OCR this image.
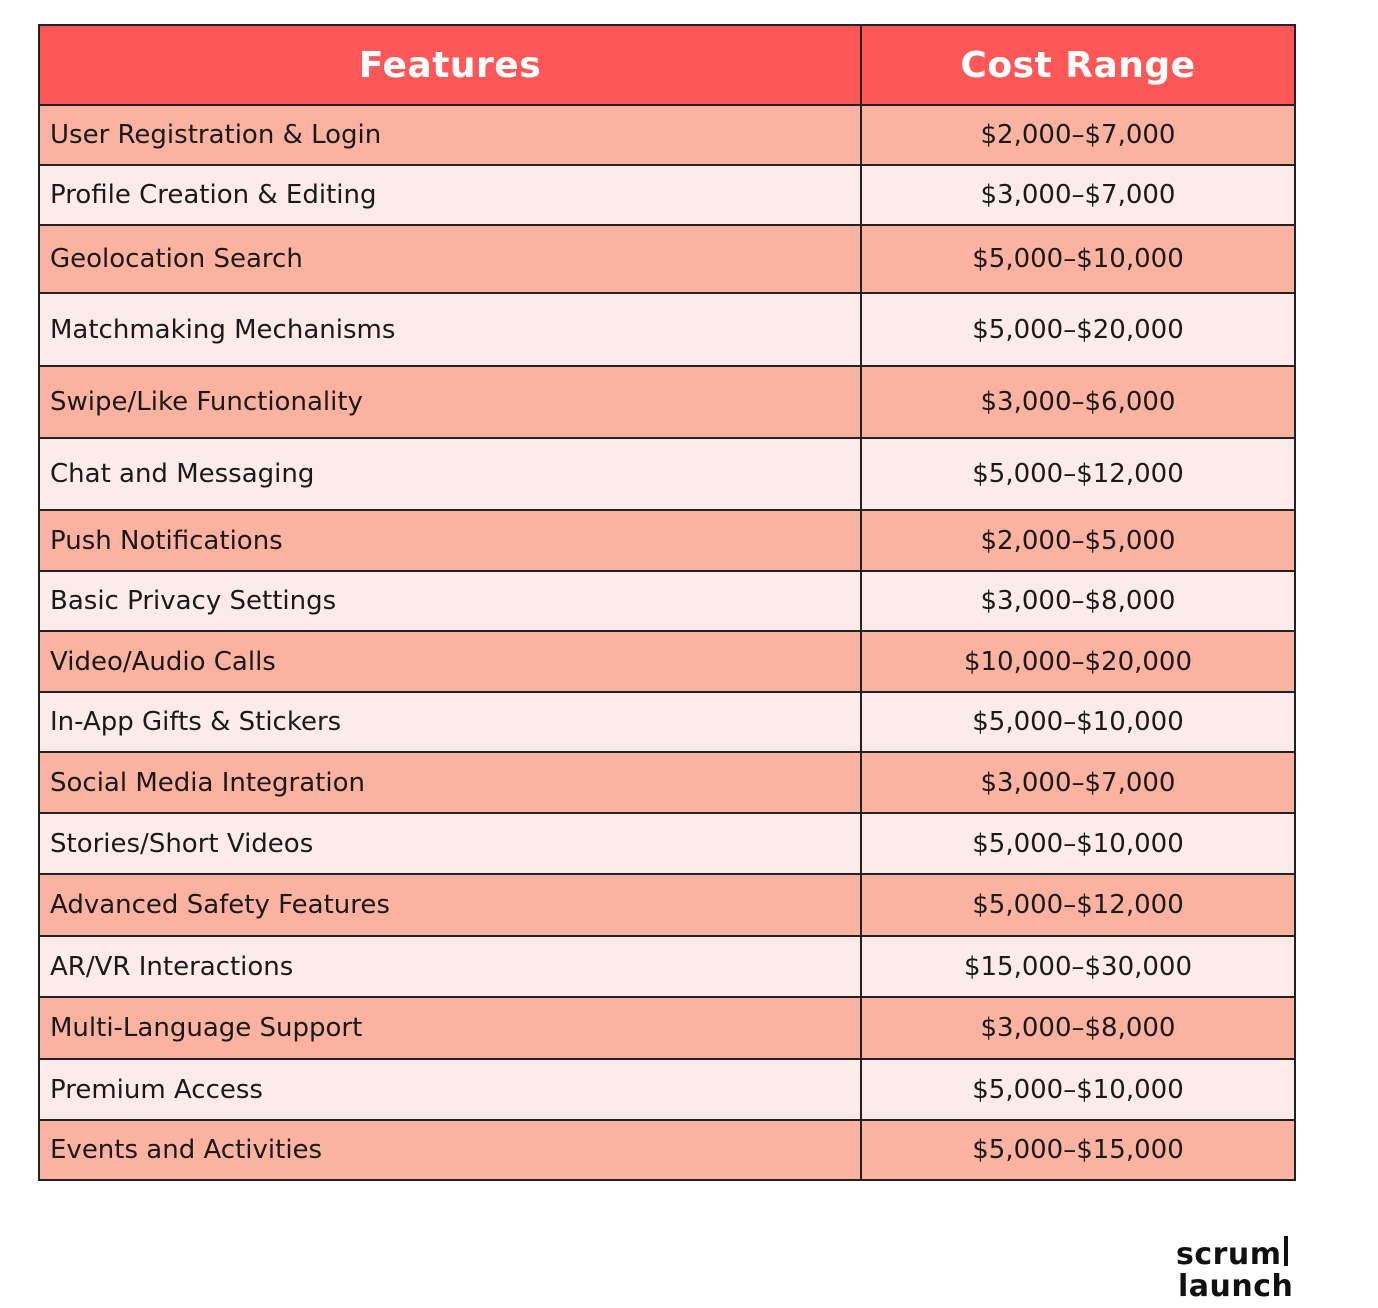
Features	Cost Range
User Registration & Login	$2,000–$7,000
Profile Creation & Editing	$3,000–$7,000
Geolocation Search	$5,000–$10,000
Matchmaking Mechanisms	$5,000–$20,000
Swipe/Like Functionality	$3,000–$6,000
Chat and Messaging	$5,000–$12,000
Push Notifications	$2,000–$5,000
Basic Privacy Settings	$3,000–$8,000
Video/Audio Calls	$10,000–$20,000
In-App Gifts & Stickers	$5,000–$10,000
Social Media Integration	$3,000–$7,000
Stories/Short Videos	$5,000–$10,000
Advanced Safety Features	$5,000–$12,000
AR/VR Interactions	$15,000–$30,000
Multi-Language Support	$3,000–$8,000
Premium Access	$5,000–$10,000
Events and Activities	$5,000–$15,000
scrum
launch
